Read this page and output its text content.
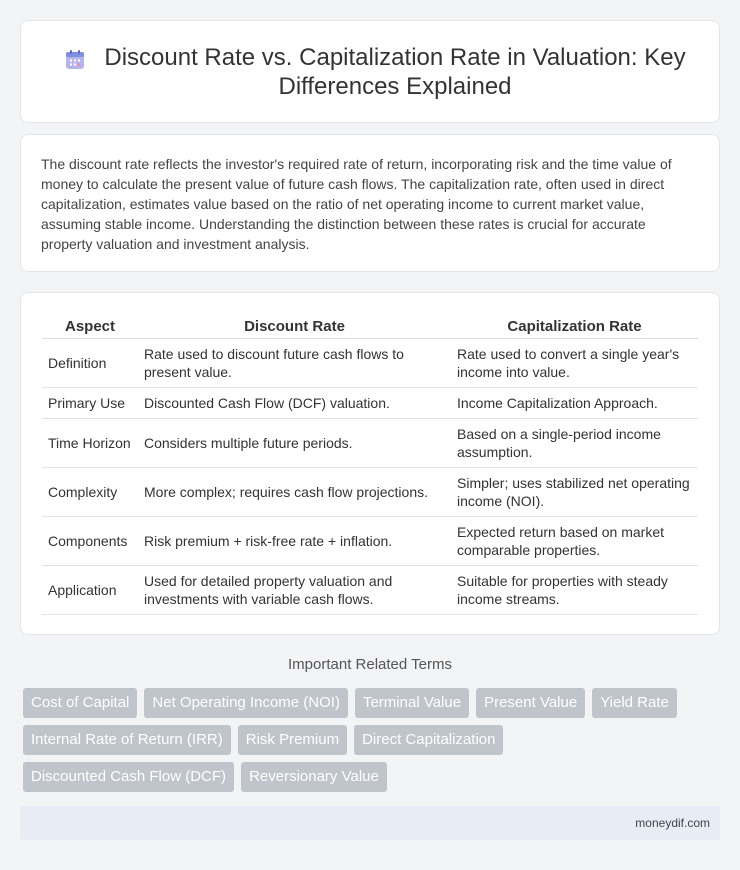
Discount Rate vs. Capitalization Rate in Valuation: Key Differences Explained

The discount rate reflects the investor's required rate of return, incorporating risk and the time value of money to calculate the present value of future cash flows. The capitalization rate, often used in direct capitalization, estimates value based on the ratio of net operating income to current market value, assuming stable income. Understanding the distinction between these rates is crucial for accurate property valuation and investment analysis.

Aspect	Discount Rate	Capitalization Rate
Definition	Rate used to discount future cash flows to present value.	Rate used to convert a single year's income into value.
Primary Use	Discounted Cash Flow (DCF) valuation.	Income Capitalization Approach.
Time Horizon	Considers multiple future periods.	Based on a single-period income assumption.
Complexity	More complex; requires cash flow projections.	Simpler; uses stabilized net operating income (NOI).
Components	Risk premium + risk-free rate + inflation.	Expected return based on market comparable properties.
Application	Used for detailed property valuation and investments with variable cash flows.	Suitable for properties with steady income streams.
Important Related Terms
Cost of Capital	Net Operating Income (NOI)	Terminal Value	Present Value	Yield Rate
Internal Rate of Return (IRR)	Risk Premium	Direct Capitalization
Discounted Cash Flow (DCF)	Reversionary Value
moneydif.com
